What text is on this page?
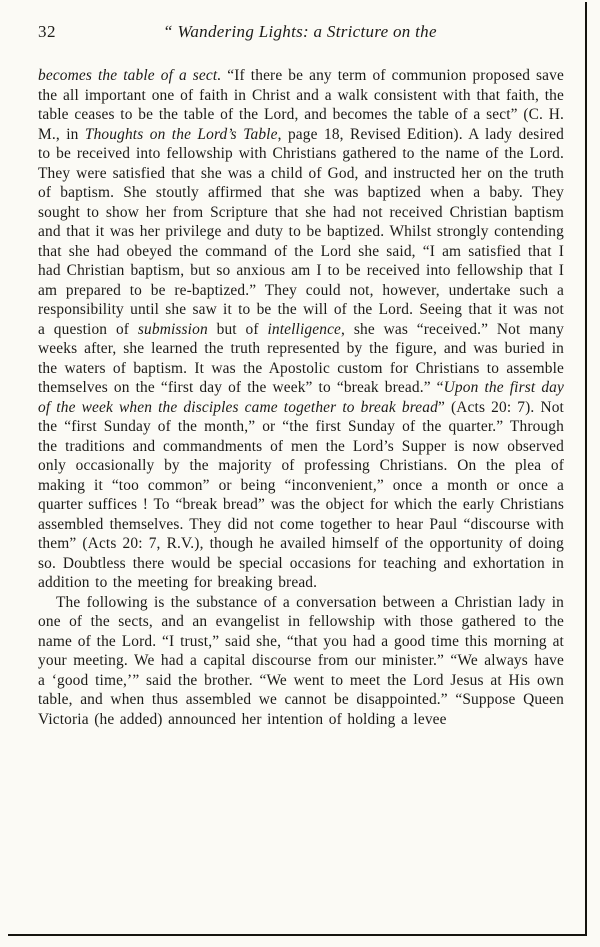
32	“ Wandering Lights: a Stricture on the

becomes the table of a sect. “If there be any term of communion proposed save the all important one of faith in Christ and a walk consistent with that faith, the table ceases to be the table of the Lord, and becomes the table of a sect” (C. H. M., in Thoughts on the Lord’s Table, page 18, Revised Edition). A lady desired to be received into fellowship with Christians gathered to the name of the Lord. They were satisfied that she was a child of God, and instructed her on the truth of baptism. She stoutly affirmed that she was baptized when a baby. They sought to show her from Scripture that she had not received Christian baptism and that it was her privilege and duty to be baptized. Whilst strongly contending that she had obeyed the command of the Lord she said, “I am satisfied that I had Christian baptism, but so anxious am I to be received into fellowship that I am prepared to be re-baptized.” They could not, however, undertake such a responsibility until she saw it to be the will of the Lord. Seeing that it was not a question of submission but of intelligence, she was “received.” Not many weeks after, she learned the truth represented by the figure, and was buried in the waters of baptism. It was the Apostolic custom for Christians to assemble themselves on the “first day of the week” to “break bread.” “Upon the first day of the week when the disciples came together to break bread” (Acts 20: 7). Not the “first Sunday of the month,” or “the first Sunday of the quarter.” Through the traditions and commandments of men the Lord’s Supper is now observed only occasionally by the majority of professing Christians. On the plea of making it “too common” or being “inconvenient,” once a month or once a quarter suffices ! To “break bread” was the object for which the early Christians assembled themselves. They did not come together to hear Paul “discourse with them” (Acts 20: 7, R.V.), though he availed himself of the opportunity of doing so. Doubtless there would be special occasions for teaching and exhortation in addition to the meeting for breaking bread.

The following is the substance of a conversation between a Christian lady in one of the sects, and an evangelist in fellowship with those gathered to the name of the Lord. “I trust,” said she, “that you had a good time this morning at your meeting. We had a capital discourse from our minister.” “We always have a ‘good time,’” said the brother. “We went to meet the Lord Jesus at His own table, and when thus assembled we cannot be disappointed.” “Suppose Queen Victoria (he added) announced her intention of holding a levee
